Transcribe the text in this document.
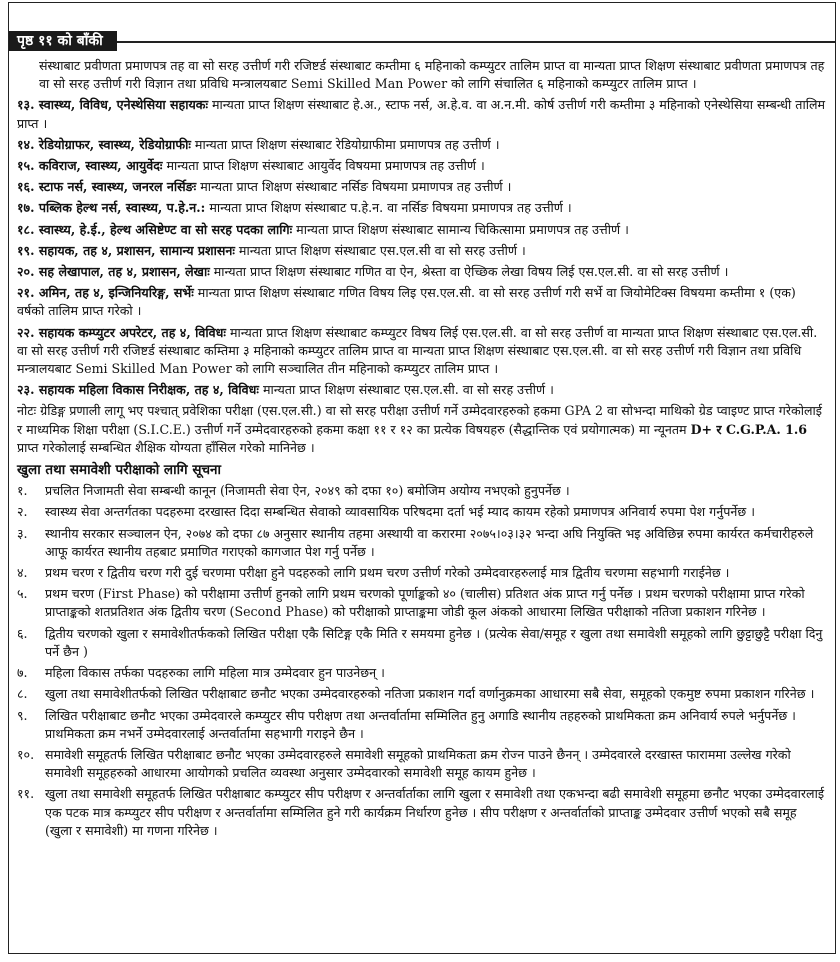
पृष्ठ ११ को बाँकी

संस्थाबाट प्रवीणता प्रमाणपत्र तह वा सो सरह उत्तीर्ण गरी रजिष्टर्ड संस्थाबाट कम्तीमा ६ महिनाको कम्प्युटर तालिम प्राप्त वा मान्यता प्राप्त शिक्षण संस्थाबाट प्रवीणता प्रमाणपत्र तह वा सो सरह उत्तीर्ण गरी विज्ञान तथा प्रविधि मन्त्रालयबाट Semi Skilled Man Power को लागि संचालित ६ महिनाको कम्प्युटर तालिम प्राप्त ।

१३. स्वास्थ्य, विविध, एनेस्थेसिया सहायकः मान्यता प्राप्त शिक्षण संस्थाबाट हे.अ., स्टाफ नर्स, अ.हे.व. वा अ.न.मी. कोर्ष उत्तीर्ण गरी कम्तीमा ३ महिनाको एनेस्थेसिया सम्बन्धी तालिम प्राप्त ।

१४. रेडियोग्राफर, स्वास्थ्य, रेडियोग्राफीः मान्यता प्राप्त शिक्षण संस्थाबाट रेडियोग्राफीमा प्रमाणपत्र तह उत्तीर्ण ।

१५. कविराज, स्वास्थ्य, आयुर्वेदः मान्यता प्राप्त शिक्षण संस्थाबाट आयुर्वेद विषयमा प्रमाणपत्र तह उत्तीर्ण ।

१६. स्टाफ नर्स, स्वास्थ्य, जनरल नर्सिङः मान्यता प्राप्त शिक्षण संस्थाबाट नर्सिङ विषयमा प्रमाणपत्र तह उत्तीर्ण ।

१७. पब्लिक हेल्थ नर्स, स्वास्थ्य, प.हे.न.: मान्यता प्राप्त शिक्षण संस्थाबाट प.हे.न. वा नर्सिङ विषयमा प्रमाणपत्र तह उत्तीर्ण ।

१८. स्वास्थ्य, हे.ई., हेल्थ असिष्टेण्ट वा सो सरह पदका लागिः मान्यता प्राप्त शिक्षण संस्थाबाट सामान्य चिकित्सामा प्रमाणपत्र तह उत्तीर्ण ।

१९. सहायक, तह ४, प्रशासन, सामान्य प्रशासनः मान्यता प्राप्त शिक्षण संस्थाबाट एस.एल.सी वा सो सरह उत्तीर्ण ।

२०. सह लेखापाल, तह ४, प्रशासन, लेखाः मान्यता प्राप्त शिक्षण संस्थाबाट गणित वा ऐन, श्रेस्ता वा ऐच्छिक लेखा विषय लिई एस.एल.सी. वा सो सरह उत्तीर्ण ।

२१. अमिन, तह ४, इन्जिनियरिङ्ग, सर्भेः मान्यता प्राप्त शिक्षण संस्थाबाट गणित विषय लिइ एस.एल.सी. वा सो सरह उत्तीर्ण गरी सर्भे वा जियोमेटिक्स विषयमा कम्तीमा १ (एक) वर्षको तालिम प्राप्त गरेको ।

२२. सहायक कम्प्युटर अपरेटर, तह ४, विविधः मान्यता प्राप्त शिक्षण संस्थाबाट कम्प्युटर विषय लिई एस.एल.सी. वा सो सरह उत्तीर्ण वा मान्यता प्राप्त शिक्षण संस्थाबाट एस.एल.सी. वा सो सरह उत्तीर्ण गरी रजिष्टर्ड संस्थाबाट कम्तिमा ३ महिनाको कम्प्युटर तालिम प्राप्त वा मान्यता प्राप्त शिक्षण संस्थाबाट एस.एल.सी. वा सो सरह उत्तीर्ण गरी विज्ञान तथा प्रविधि मन्त्रालयबाट Semi Skilled Man Power को लागि सञ्चालित तीन महिनाको कम्प्युटर तालिम प्राप्त ।

२३. सहायक महिला विकास निरीक्षक, तह ४, विविधः मान्यता प्राप्त शिक्षण संस्थाबाट एस.एल.सी. वा सो सरह उत्तीर्ण ।

नोटः ग्रेडिङ्ग प्रणाली लागू भए पश्चात् प्रवेशिका परीक्षा (एस.एल.सी.) वा सो सरह परीक्षा उत्तीर्ण गर्ने उम्मेदवारहरुको हकमा GPA 2 वा सोभन्दा माथिको ग्रेड प्वाइण्ट प्राप्त गरेकोलाई र माध्यमिक शिक्षा परीक्षा (S.I.C.E.) उत्तीर्ण गर्ने उम्मेदवारहरुको हकमा कक्षा ११ र १२ का प्रत्येक विषयहरु (सैद्धान्तिक एवं प्रयोगात्मक) मा न्यूनतम D+ र C.G.P.A. 1.6 प्राप्त गरेकोलाई सम्बन्धित शैक्षिक योग्यता हाँसिल गरेको मानिनेछ ।

खुला तथा समावेशी परीक्षाको लागि सूचना
१.	प्रचलित निजामती सेवा सम्बन्धी कानून (निजामती सेवा ऐन, २०४९ को दफा १०) बमोजिम अयोग्य नभएको हुनुपर्नेछ ।
२.	स्वास्थ्य सेवा अन्तर्गतका पदहरुमा दरखास्त दिदा सम्बन्धित सेवाको व्यावसायिक परिषदमा दर्ता भई म्याद कायम रहेको प्रमाणपत्र अनिवार्य रुपमा पेश गर्नुपर्नेछ ।
३.	स्थानीय सरकार सञ्चालन ऐन, २०७४ को दफा ८७ अनुसार स्थानीय तहमा अस्थायी वा करारमा २०७५।०३।३२ भन्दा अघि नियुक्ति भइ अविछिन्न रुपमा कार्यरत कर्मचारीहरुले आफू कार्यरत स्थानीय तहबाट प्रमाणित गराएको कागजात पेश गर्नु पर्नेछ ।
४.	प्रथम चरण र द्वितीय चरण गरी दुई चरणमा परीक्षा हुने पदहरुको लागि प्रथम चरण उत्तीर्ण गरेको उम्मेदवारहरुलाई मात्र द्वितीय चरणमा सहभागी गराईनेछ ।
५.	प्रथम चरण (First Phase) को परीक्षामा उत्तीर्ण हुनको लागि प्रथम चरणको पूर्णाङ्कको ४० (चालीस) प्रतिशत अंक प्राप्त गर्नु पर्नेछ । प्रथम चरणको परीक्षामा प्राप्त गरेको प्राप्ताङ्कको शतप्रतिशत अंक द्वितीय चरण (Second Phase) को परीक्षाको प्राप्ताङ्कमा जोडी कूल अंकको आधारमा लिखित परीक्षाको नतिजा प्रकाशन गरिनेछ ।
६.	द्वितीय चरणको खुला र समावेशीतर्फकको लिखित परीक्षा एकै सिटिङ्ग एकै मिति र समयमा हुनेछ । (प्रत्येक सेवा/समूह र खुला तथा समावेशी समूहको लागि छुट्टाछुट्टै परीक्षा दिनु पर्ने छैन )
७.	महिला विकास तर्फका पदहरुका लागि महिला मात्र उम्मेदवार हुन पाउनेछन् ।
८.	खुला तथा समावेशीतर्फको लिखित परीक्षाबाट छनौट भएका उम्मेदवारहरुको नतिजा प्रकाशन गर्दा वर्णानुक्रमका आधारमा सबै सेवा, समूहको एकमुष्ट रुपमा प्रकाशन गरिनेछ ।
९.	लिखित परीक्षाबाट छनौट भएका उम्मेदवारले कम्प्युटर सीप परीक्षण तथा अन्तर्वार्तामा सम्मिलित हुनु अगाडि स्थानीय तहहरुको प्राथमिकता क्रम अनिवार्य रुपले भर्नुपर्नेछ । प्राथमिकता क्रम नभर्ने उम्मेदवारलाई अन्तर्वार्तामा सहभागी गराइने छैन ।
१०. समावेशी समूहतर्फ लिखित परीक्षाबाट छनौट भएका उम्मेदवारहरुले समावेशी समूहको प्राथमिकता क्रम रोज्न पाउने छैनन् । उम्मेदवारले दरखास्त फाराममा उल्लेख गरेको समावेशी समूहहरुको आधारमा आयोगको प्रचलित व्यवस्था अनुसार उम्मेदवारको समावेशी समूह कायम हुनेछ ।
११. खुला तथा समावेशी समूहतर्फ लिखित परीक्षाबाट कम्प्युटर सीप परीक्षण र अन्तर्वार्ताका लागि खुला र समावेशी तथा एकभन्दा बढी समावेशी समूहमा छनौट भएका उम्मेदवारलाई एक पटक मात्र कम्प्युटर सीप परीक्षण र अन्तर्वार्तामा सम्मिलित हुने गरी कार्यक्रम निर्धारण हुनेछ । सीप परीक्षण र अन्तर्वार्ताको प्राप्ताङ्क उम्मेदवार उत्तीर्ण भएको सबै समूह (खुला र समावेशी) मा गणना गरिनेछ ।
